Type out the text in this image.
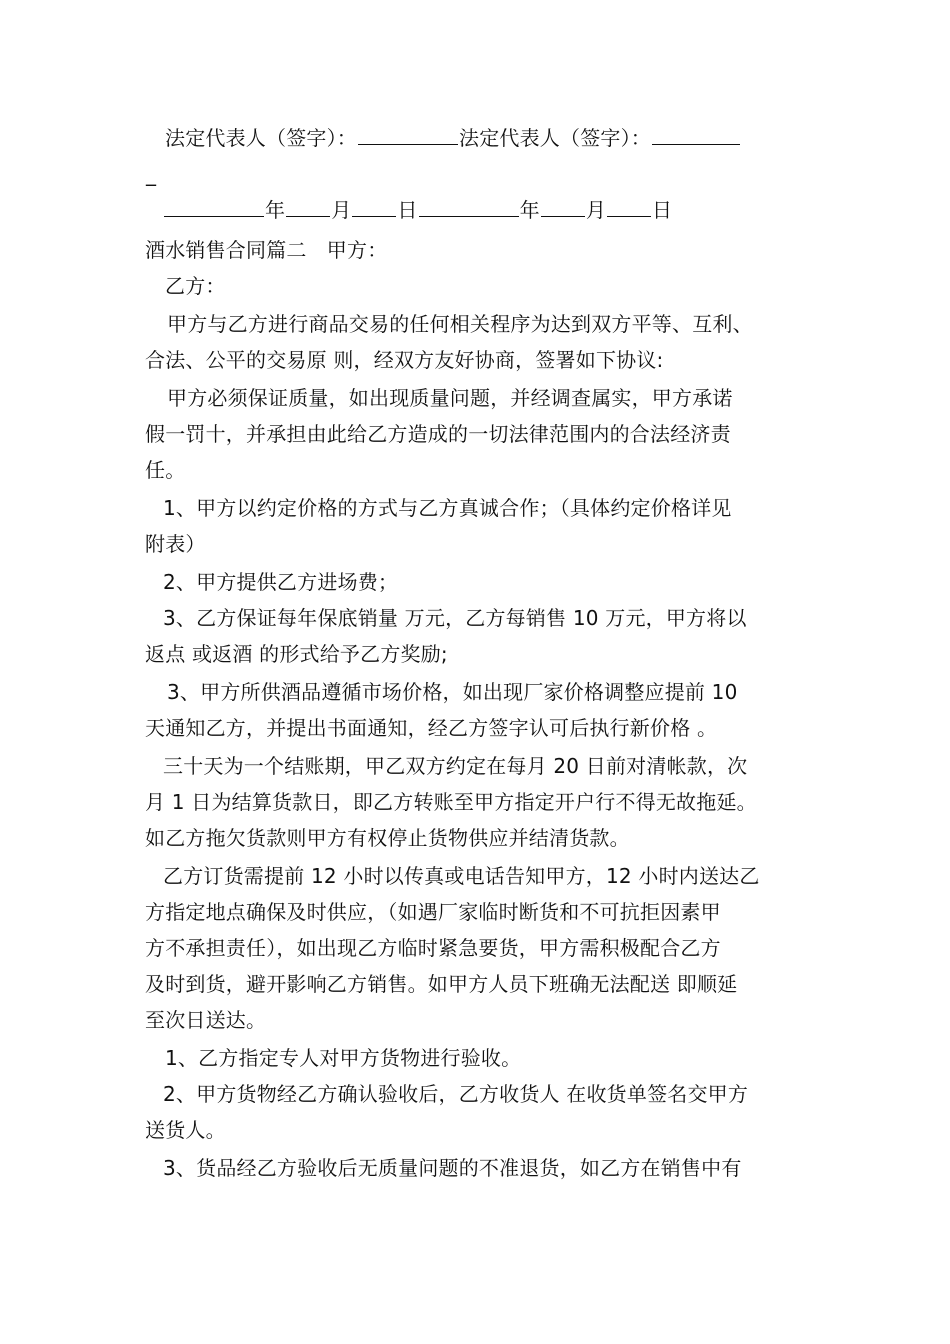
法定代表人（签字）：	法定代表人（签字）：
_
年 月 日	年 月 日
酒水销售合同篇二　甲方：
乙方：
甲方与乙方进行商品交易的任何相关程序为达到双方平等、互利、
合法、公平的交易原 则，经双方友好协商，签署如下协议:
甲方必须保证质量，如出现质量问题，并经调查属实，甲方承诺
假一罚十，并承担由此给乙方造成的一切法律范围内的合法经济责
任。
1、甲方以约定价格的方式与乙方真诚合作；（具体约定价格详见
附表）
2、甲方提供乙方进场费；
3、乙方保证每年保底销量 万元，乙方每销售 10 万元，甲方将以
返点 或返酒 的形式给予乙方奖励;
3、甲方所供酒品遵循市场价格，如出现厂家价格调整应提前 10
天通知乙方，并提出书面通知，经乙方签字认可后执行新价格 。
三十天为一个结账期，甲乙双方约定在每月 20 日前对清帐款，次
月 1 日为结算货款日，即乙方转账至甲方指定开户行不得无故拖延。
如乙方拖欠货款则甲方有权停止货物供应并结清货款。
乙方订货需提前 12 小时以传真或电话告知甲方，12 小时内送达乙
方指定地点确保及时供应，（如遇厂家临时断货和不可抗拒因素甲
方不承担责任），如出现乙方临时紧急要货，甲方需积极配合乙方
及时到货，避开影响乙方销售。如甲方人员下班确无法配送 即顺延
至次日送达。
1、乙方指定专人对甲方货物进行验收。
2、甲方货物经乙方确认验收后，乙方收货人 在收货单签名交甲方
送货人。
3、货品经乙方验收后无质量问题的不准退货，如乙方在销售中有
